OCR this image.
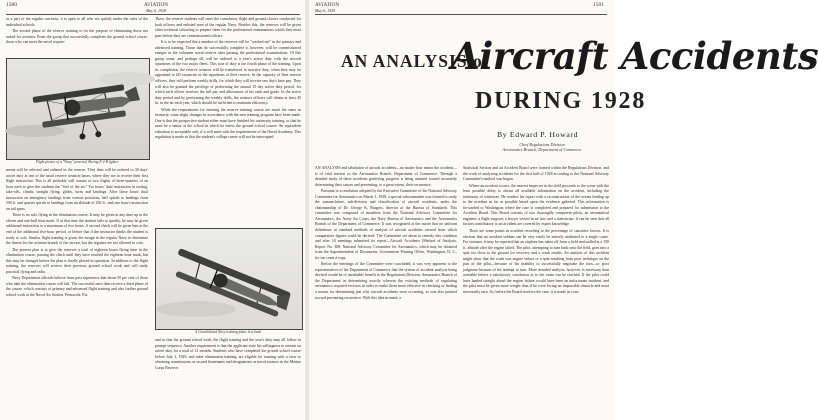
1500	AVIATION
May 6, 1928

as a part of the regular curricula, it is open to all who are qualify under the rules of the individual schools.

The second phase of the reserve training is for the purpose of eliminating those not suited for aviation. From the group that successfully completes the ground school course, those who can meet the naval require-

Flight picture of a "Wasp" powered, Boeing F-2-B fighter

ments will be selected and enlisted in the reserve. They then will be ordered to 30 days' active duty at one of the naval reserve aviation bases, where they are to receive their first flight instruction. This is all probably will consist of two flights of three-quarters of an hour each to give the students the "feel of the air." For hours' dual instruction in taxiing, take-offs, climbs, straight flying, glides, turns and landings. After these hours' dual instruction on emergency landings from various positions, half spirals to landings from 500 ft. and quarter spirals to landings from an altitude of 250 ft., and one hour's instruction on tail spins.

There is no solo flying in the elimination course. It may be given at any time up to the eleven and one-half hour mark. If at that time the student fails to qualify, he may be given additional instruction to a maximum of five hours. A second check will be given him at the end of the additional five-hour period, or before that if the instructor thinks the student is ready to solo. Similar flight training is given the ensign in the regular Navy to determine the fitness for the aviation branch of the service, but the regulars are not allowed to solo.

The present plan is to give the reserves a total of eighteen hours flying time in the elimination course, passing the check until they have reached the eighteen hour mark, but this may be changed before the plan is finally placed in operation. In addition to the flight training, the reserves will receive their previous ground school work and will study practical flying and radio.

Navy Department officials believe from past experience that about 50 per cent of those who take the elimination course will fail. The successful ones then receive a third phase of the course, which consists of primary and advanced flight training and also further ground school work at the Naval Air Station, Pensacola, Fla.

There, the reserve students will enter the cumulatory flight and ground classes conducted for both officers and enlisted men of the regular Navy. Besides this, the reserves will be given other technical schooling to prepare them for the professional examinations which they must pass before they are commissioned officers.

It is to be expected that a number of the reserves will be "washed out" in the primary and advanced training. Those that do successfully complete it, however, will be commissioned ensigns in the volunteer naval reserve after passing the professional examinations. Of this group some, and perhaps all, will be ordered to a year's active duty with the aircraft squadrons of the two major fleets. This tour of duty is the fourth phase of the training. Upon its completion, the reserve aviators will be transferred to inactive duty, when they may be appointed to fill vacancies in the squadrons at fleet reserve. In the capacity of fleet reserve officers, they will perform weekly drills, for which they will receive one day's base pay. They will also be granted the privilege of performing the annual 15 day active duty period, for which each officer receives the full pay and allowances of his rank and grade. In the active duty period and by performing the weekly drills, the aviators officers will obtain at least 45 hr. in the air each year, which should be sufficient to maintain efficiency.

While the requirements for entering the reserve training course are much the same as formerly, some slight changes in accordance with the new training program have been made. One is that the prospective student either must have finished his university training, or that he must be a senior at the school in which he enters the ground school course. An equivalent education is acceptable only if it will meet with the requirements of the Naval Academy. This regulation is made so that the student's college career will not be interrupted

A Consolidated Navy training plane in a bank

and so that the ground school work, the flight training and the year's duty may all follow in prompt sequence. Another requirement is that the applicant state his willingness to remain on active duty for a total of 21 months. Students who have completed the ground school course before July 1, 1929, and enter elimination training, are eligible for training with a view to obtaining commissions as second lieutenants and designations as naval aviators in the Marine Corps Reserve.

AVIATION
May 6, 1929
1501
AN ANALYSIS of
Aircraft Accidents
DURING 1928
By Edward P. Howard
Chief Regulations Division
Aeronautics Branch, Department of Commerce

AN ANALYSIS and tabulation of aircraft accidents—no matter how minor the accident—is of vital interest to the Aeronautics Branch, Department of Commerce. Through a detailed study of these accidents gratifying progress is being attained toward accurately determining their causes and preventing, to a great extent, their recurrence.

Pursuant to a resolution adopted by the Executive Committee of the National Advisory Committee for Aeronautics on March 1, 1928, a special subcommittee was formed to study the nomenclature, sub-division and classification of aircraft accidents, under the chairmanship of Dr. George K. Burgess, director of the Bureau of Standards. This committee was composed of members from the National Advisory Committee for Aeronautics, the Army Air Corps, the Navy Bureau of Aeronautics and the Aeronautics Branch of the Department of Commerce. It was recognized at the outset that no uniform definitions or standard methods of analysis of aircraft accidents existed from which comparative figures could be derived. The Committee set about to remedy this condition and after 10 meetings submitted its report—Aircraft Accidents (Method of Analysis, Report No. 308, National Advisory Committee for Aeronautics, which may be obtained from the Superintendent of Documents, Government Printing Office, Washington, D. C., for ten cents a copy.

Before the meetings of the Committee were concluded, it was very apparent to the representatives of the Department of Commerce that the system of accident analysis being devised would be of invaluable benefit to the Regulations Division, Aeronautics Branch of the Department in determining exactly wherein the existing methods of regulating aeronautics required revision in order to make them more effective in checking or finding a reason for determining just why aircraft accidents were occurring, as was also pointed toward preventing recurrence. With this idea in mind, a

Statistical Section and an Accident Board were formed within the Regulations Division, and the work of analyzing accidents for the first half of 1928 according to the National Advisory Committee's method was begun.

Where an accident occurs, the nearest inspector in the field proceeds to the scene with the least possible delay to obtain all available information on the accident, including the testimony of witnesses. He renders his report with a reconstruction of the events leading up to the accident as far as possible based upon the evidence gathered. This information is forwarded to Washington where the case is completed and prepared for submission to the Accident Board. This Board consists of two thoroughly competent pilots, an aeronautical engineer, a flight surgeon, a lawyer versed in air law, and a statistician. It can be seen that all factors contributory to an accident are covered by expert knowledge.

There are some points in accident recording to the percentage of causative factors. It is obvious that an accident seldom can be very easily be entirely attributed to a single cause. For instance, it may be reported that an airplane has taken off from a field and stalled at a 150 ft. altitude after the engine failed. The pilot, attempting to turn back onto the field, goes into a spin too close to the ground for recovery and a crash results. An analysis of this accident might show that the crash was engine failure or a spin resulting from poor technique on the part of the pilot—because of his inability to successfully negotiate the turn—or poor judgment because of his attempt to turn. More detailed analysis, however, is necessary than available before a satisfactory conclusion as to the cause can be reached. If the pilot could have landed straight ahead the engine failure would have been an unfortunate incident, and the pilot must be given more weight than if he were facing an impossible obstacle and must necessarily turn. So, before the Board receives the case, it is made as com-
